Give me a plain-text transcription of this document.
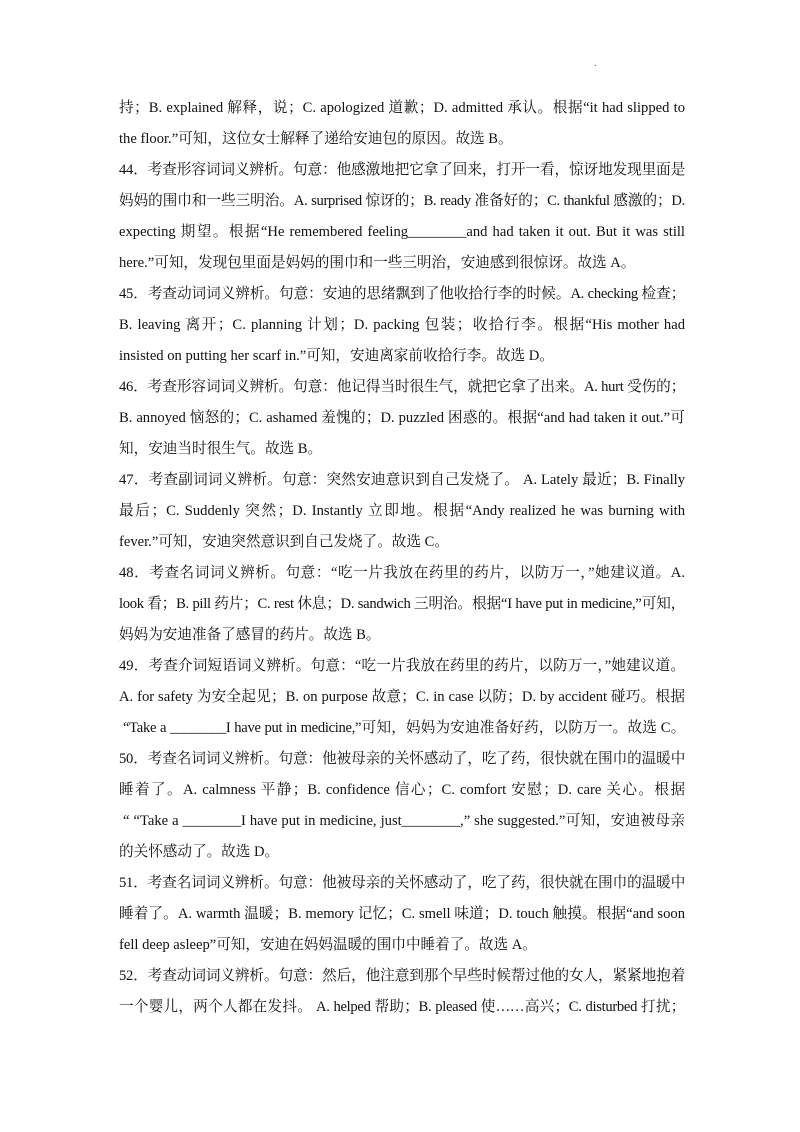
.
持；B. explained 解释，说；C. apologized 道歉；D. admitted 承认。根据“it had slipped to
the floor.”可知，这位女士解释了递给安迪包的原因。故选 B。
44．考查形容词词义辨析。句意：他感激地把它拿了回来，打开一看，惊讶地发现里面是
妈妈的围巾和一些三明治。A. surprised 惊讶的；B. ready 准备好的；C. thankful 感激的；D.
expecting 期望。根据“He remembered feeling________and had taken it out. But it was still
here.”可知，发现包里面是妈妈的围巾和一些三明治，安迪感到很惊讶。故选 A。
45．考查动词词义辨析。句意：安迪的思绪飘到了他收拾行李的时候。A. checking 检查；
B. leaving 离开；C. planning 计划；D. packing 包装；收拾行李。根据“His mother had
insisted on putting her scarf in.”可知，安迪离家前收拾行李。故选 D。
46．考查形容词词义辨析。句意：他记得当时很生气，就把它拿了出来。A. hurt 受伤的；
B. annoyed 恼怒的；C. ashamed 羞愧的；D. puzzled 困惑的。根据“and had taken it out.”可
知，安迪当时很生气。故选 B。
47．考查副词词义辨析。句意：突然安迪意识到自己发烧了。 A. Lately 最近；B. Finally
最后；C. Suddenly 突然；D. Instantly 立即地。根据“Andy realized he was burning with
fever.”可知，安迪突然意识到自己发烧了。故选 C。
48．考查名词词义辨析。句意：“吃一片我放在药里的药片，以防万一，”她建议道。A.
look 看；B. pill 药片；C. rest 休息；D. sandwich 三明治。根据“I have put in medicine,”可知，
妈妈为安迪准备了感冒的药片。故选 B。
49．考查介词短语词义辨析。句意：“吃一片我放在药里的药片，以防万一，”她建议道。
A. for safety 为安全起见；B. on purpose 故意；C. in case 以防；D. by accident 碰巧。根据
“Take a ________I have put in medicine,”可知，妈妈为安迪准备好药，以防万一。故选 C。
50．考查名词词义辨析。句意：他被母亲的关怀感动了，吃了药，很快就在围巾的温暖中
睡着了。A. calmness 平静；B. confidence 信心；C. comfort 安慰；D. care 关心。根据
“ “Take a ________I have put in medicine, just________,” she suggested.”可知，安迪被母亲
的关怀感动了。故选 D。
51．考查名词词义辨析。句意：他被母亲的关怀感动了，吃了药，很快就在围巾的温暖中
睡着了。A. warmth 温暖；B. memory 记忆；C. smell 味道；D. touch 触摸。根据“and soon
fell deep asleep”可知，安迪在妈妈温暖的围巾中睡着了。故选 A。
52．考查动词词义辨析。句意：然后，他注意到那个早些时候帮过他的女人，紧紧地抱着
一个婴儿，两个人都在发抖。 A. helped 帮助；B. pleased 使……高兴；C. disturbed 打扰；
